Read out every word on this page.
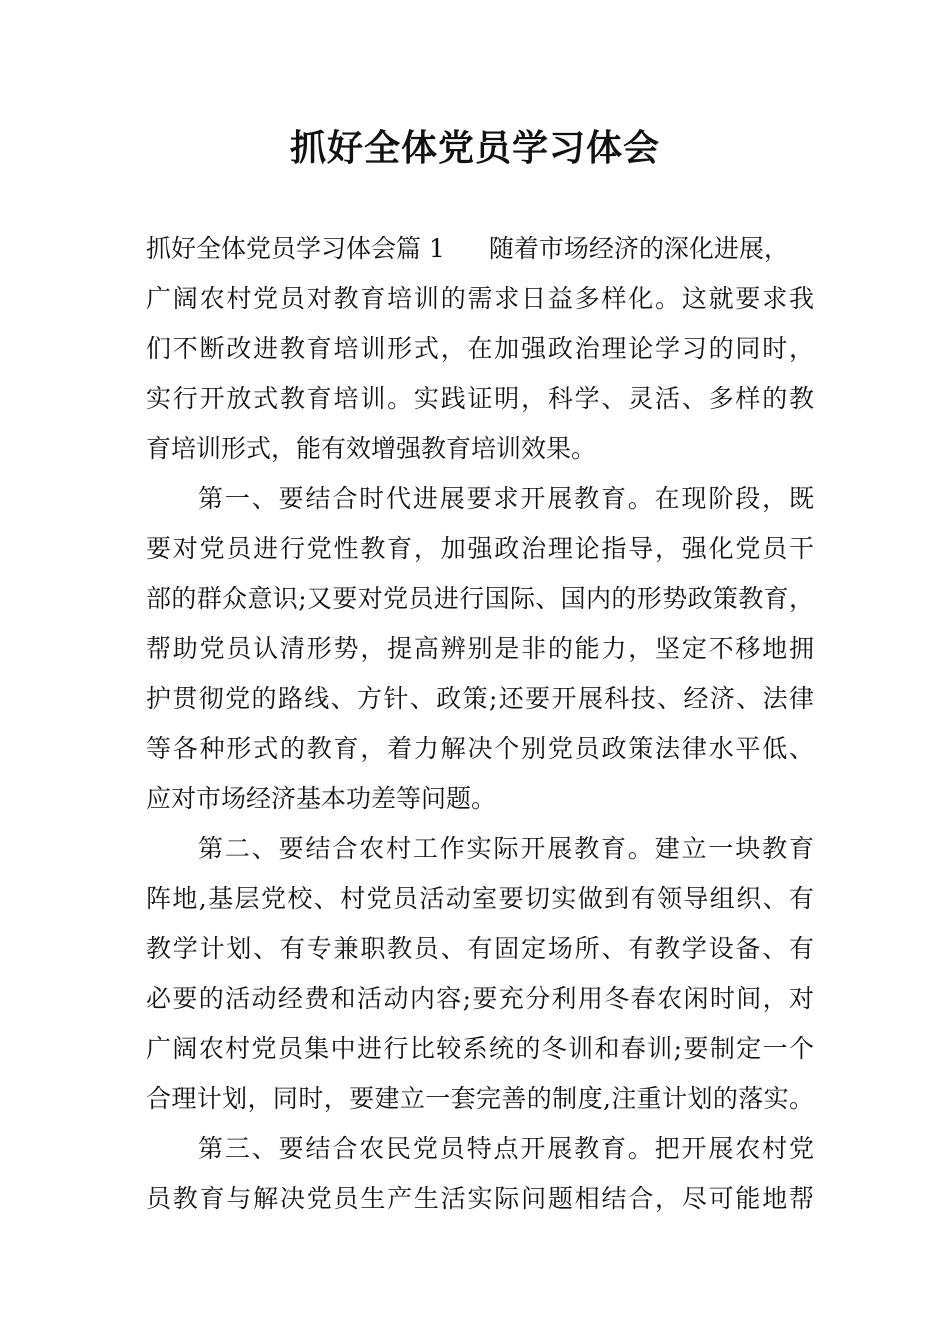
抓好全体党员学习体会
抓好全体党员学习体会篇 1 随着市场经济的深化进展，
广阔农村党员对教育培训的需求日益多样化。这就要求我
们不断改进教育培训形式，在加强政治理论学习的同时，
实行开放式教育培训。实践证明，科学、灵活、多样的教
育培训形式，能有效增强教育培训效果。
第一、要结合时代进展要求开展教育。在现阶段，既
要对党员进行党性教育，加强政治理论指导，强化党员干
部的群众意识;又要对党员进行国际、国内的形势政策教育，
帮助党员认清形势，提高辨别是非的能力，坚定不移地拥
护贯彻党的路线、方针、政策;还要开展科技、经济、法律
等各种形式的教育，着力解决个别党员政策法律水平低、
应对市场经济基本功差等问题。
第二、要结合农村工作实际开展教育。建立一块教育
阵地,基层党校、村党员活动室要切实做到有领导组织、有
教学计划、有专兼职教员、有固定场所、有教学设备、有
必要的活动经费和活动内容;要充分利用冬春农闲时间，对
广阔农村党员集中进行比较系统的冬训和春训;要制定一个
合理计划，同时，要建立一套完善的制度,注重计划的落实。
第三、要结合农民党员特点开展教育。把开展农村党
员教育与解决党员生产生活实际问题相结合，尽可能地帮
